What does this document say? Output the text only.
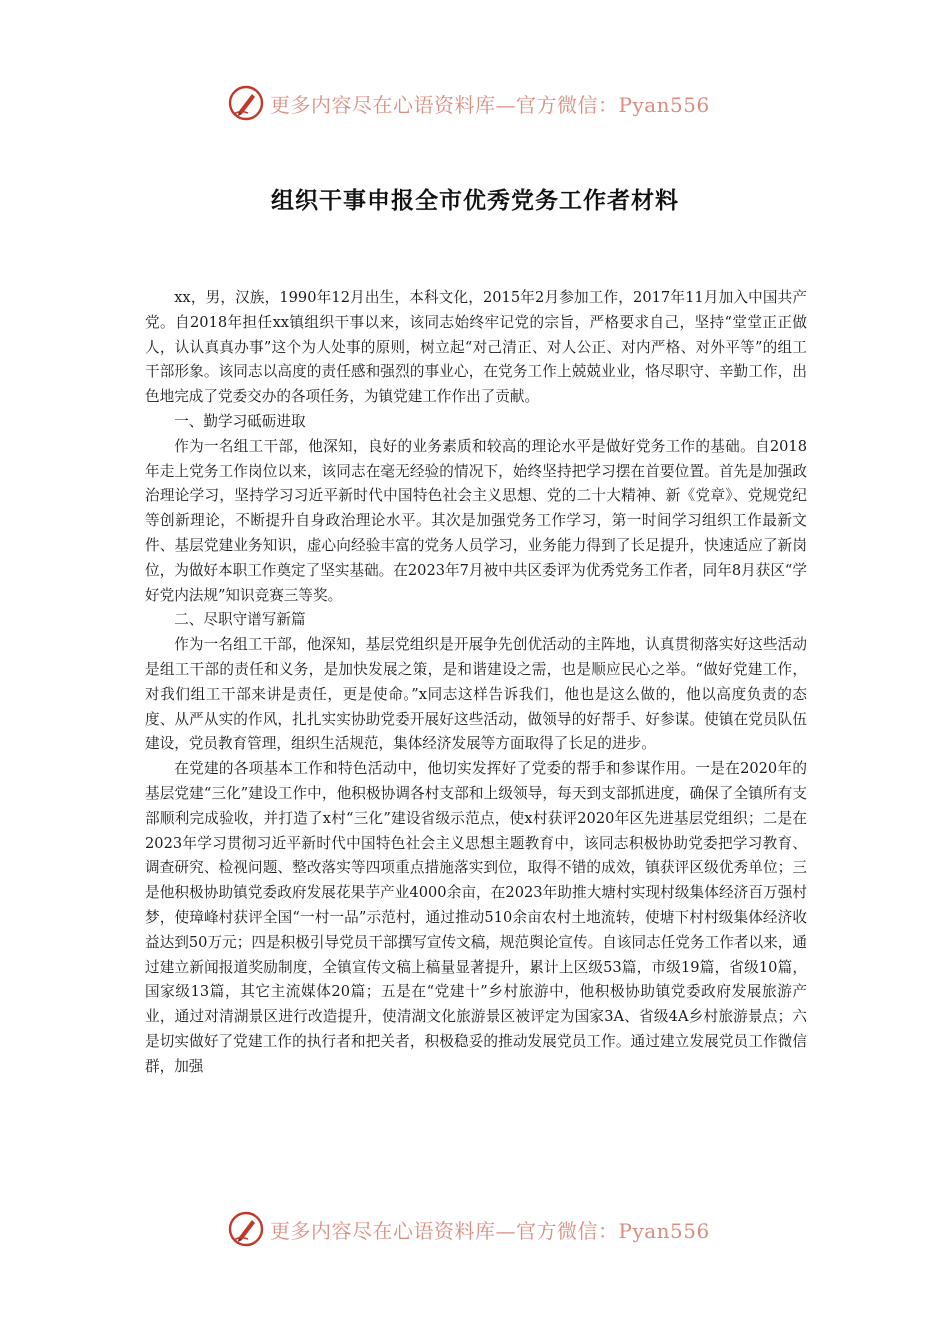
更多内容尽在心语资料库—官方微信：Pyan556
组织干事申报全市优秀党务工作者材料

xx，男，汉族，1990年12月出生，本科文化，2015年2月参加工作，2017年11月加入中国共产党。自2018年担任xx镇组织干事以来，该同志始终牢记党的宗旨，严格要求自己，坚持“堂堂正正做人，认认真真办事”这个为人处事的原则，树立起“对己清正、对人公正、对内严格、对外平等”的组工干部形象。该同志以高度的责任感和强烈的事业心，在党务工作上兢兢业业，恪尽职守、辛勤工作，出色地完成了党委交办的各项任务，为镇党建工作作出了贡献。

一、勤学习砥砺进取

作为一名组工干部，他深知，良好的业务素质和较高的理论水平是做好党务工作的基础。自2018年走上党务工作岗位以来，该同志在毫无经验的情况下，始终坚持把学习摆在首要位置。首先是加强政治理论学习，坚持学习习近平新时代中国特色社会主义思想、党的二十大精神、新《党章》、党规党纪等创新理论，不断提升自身政治理论水平。其次是加强党务工作学习，第一时间学习组织工作最新文件、基层党建业务知识，虚心向经验丰富的党务人员学习，业务能力得到了长足提升，快速适应了新岗位，为做好本职工作奠定了坚实基础。在2023年7月被中共区委评为优秀党务工作者，同年8月获区“学好党内法规”知识竞赛三等奖。

二、尽职守谱写新篇

作为一名组工干部，他深知，基层党组织是开展争先创优活动的主阵地，认真贯彻落实好这些活动是组工干部的责任和义务，是加快发展之策，是和谐建设之需，也是顺应民心之举。“做好党建工作，对我们组工干部来讲是责任，更是使命。”x同志这样告诉我们，他也是这么做的，他以高度负责的态度、从严从实的作风，扎扎实实协助党委开展好这些活动，做领导的好帮手、好参谋。使镇在党员队伍建设，党员教育管理，组织生活规范，集体经济发展等方面取得了长足的进步。

在党建的各项基本工作和特色活动中，他切实发挥好了党委的帮手和参谋作用。一是在2020年的基层党建“三化”建设工作中，他积极协调各村支部和上级领导，每天到支部抓进度，确保了全镇所有支部顺利完成验收，并打造了x村“三化”建设省级示范点，使x村获评2020年区先进基层党组织；二是在2023年学习贯彻习近平新时代中国特色社会主义思想主题教育中，该同志积极协助党委把学习教育、调查研究、检视问题、整改落实等四项重点措施落实到位，取得不错的成效，镇获评区级优秀单位；三是他积极协助镇党委政府发展花果芋产业4000余亩，在2023年助推大塘村实现村级集体经济百万强村梦，使璋峰村获评全国“一村一品”示范村，通过推动510余亩农村土地流转，使塘下村村级集体经济收益达到50万元；四是积极引导党员干部撰写宣传文稿，规范舆论宣传。自该同志任党务工作者以来，通过建立新闻报道奖励制度，全镇宣传文稿上稿量显著提升，累计上区级53篇，市级19篇，省级10篇，国家级13篇，其它主流媒体20篇；五是在“党建十”乡村旅游中，他积极协助镇党委政府发展旅游产业，通过对清湖景区进行改造提升，使清湖文化旅游景区被评定为国家3A、省级4A乡村旅游景点；六是切实做好了党建工作的执行者和把关者，积极稳妥的推动发展党员工作。通过建立发展党员工作微信群，加强

更多内容尽在心语资料库—官方微信：Pyan556
